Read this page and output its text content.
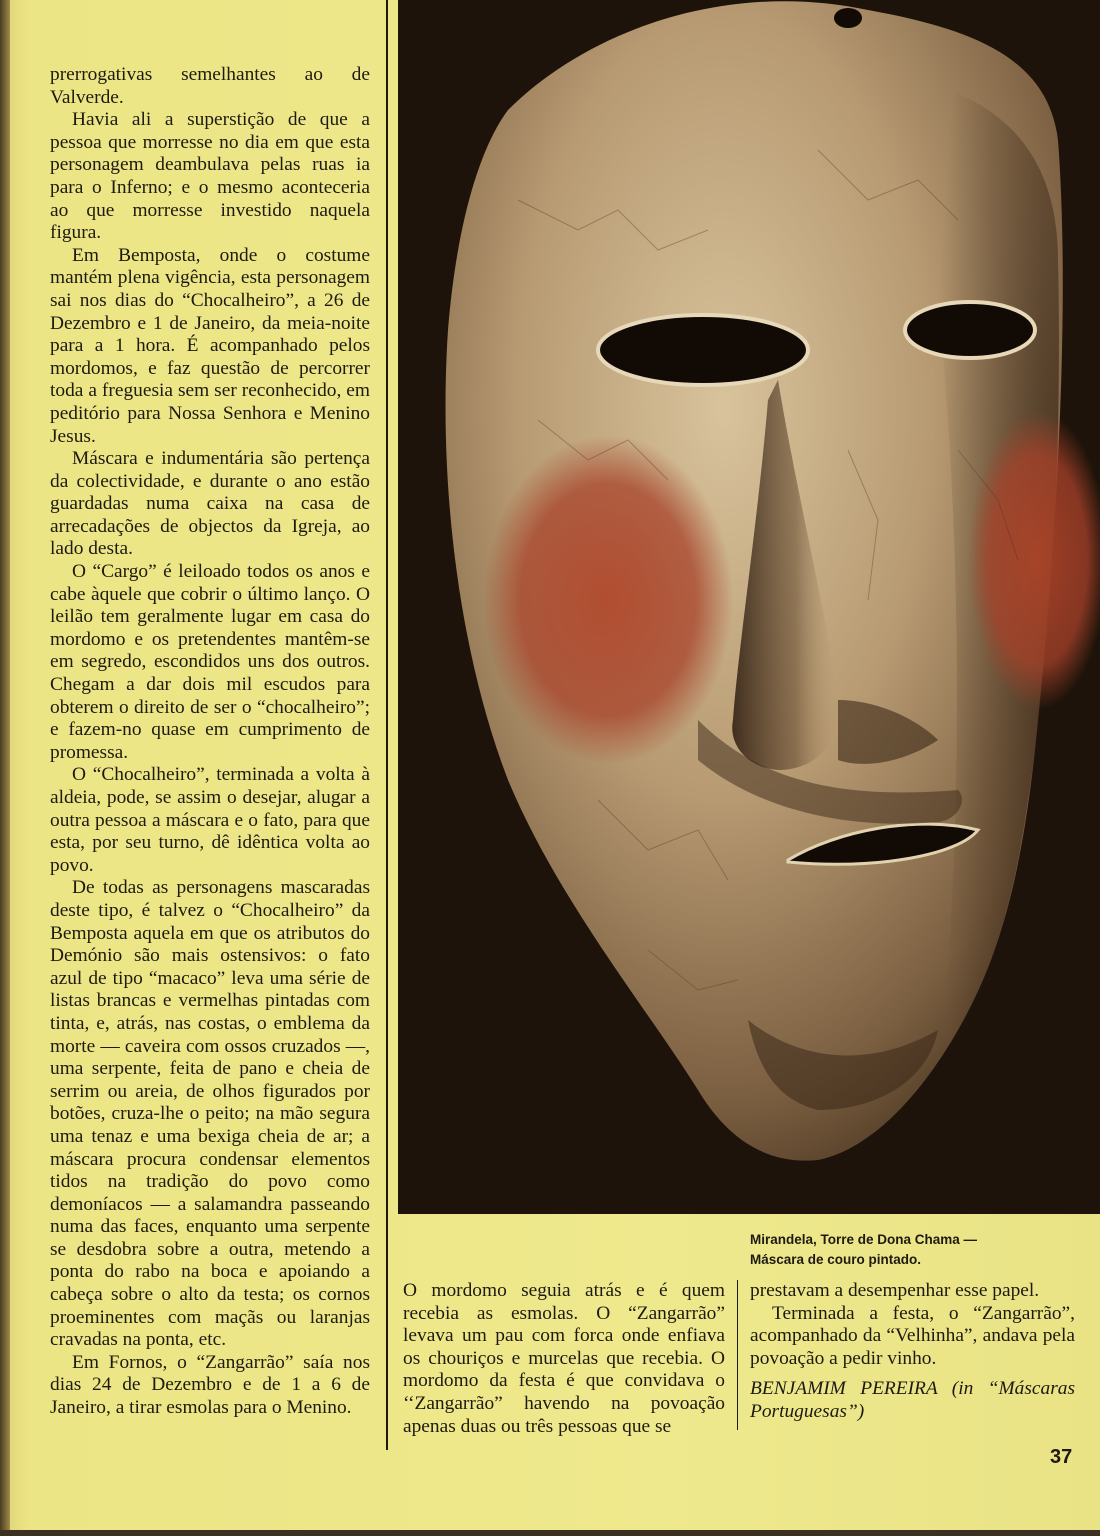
prerrogativas semelhantes ao de Valverde.

Havia ali a superstição de que a pessoa que morresse no dia em que esta personagem deambulava pelas ruas ia para o Inferno; e o mesmo aconteceria ao que morresse investido naquela figura.

Em Bemposta, onde o costume mantém plena vigência, esta personagem sai nos dias do “Chocalheiro”, a 26 de Dezembro e 1 de Janeiro, da meia-noite para a 1 hora. É acompanhado pelos mordomos, e faz questão de percorrer toda a freguesia sem ser reconhecido, em peditório para Nossa Senhora e Menino Jesus.

Máscara e indumentária são pertença da colectividade, e durante o ano estão guardadas numa caixa na casa de arrecadações de objectos da Igreja, ao lado desta.

O “Cargo” é leiloado todos os anos e cabe àquele que cobrir o último lanço. O leilão tem geralmente lugar em casa do mordomo e os pretendentes mantêm-se em segredo, escondidos uns dos outros. Chegam a dar dois mil escudos para obterem o direito de ser o “chocalheiro”; e fazem-no quase em cumprimento de promessa.

O “Chocalheiro”, terminada a volta à aldeia, pode, se assim o desejar, alugar a outra pessoa a máscara e o fato, para que esta, por seu turno, dê idêntica volta ao povo.

De todas as personagens mascaradas deste tipo, é talvez o “Chocalheiro” da Bemposta aquela em que os atributos do Demónio são mais ostensivos: o fato azul de tipo “macaco” leva uma série de listas brancas e vermelhas pintadas com tinta, e, atrás, nas costas, o emblema da morte — caveira com ossos cruzados —, uma serpente, feita de pano e cheia de serrim ou areia, de olhos figurados por botões, cruza-lhe o peito; na mão segura uma tenaz e uma bexiga cheia de ar; a máscara procura condensar elementos tidos na tradição do povo como demoníacos — a salamandra passeando numa das faces, enquanto uma serpente se desdobra sobre a outra, metendo a ponta do rabo na boca e apoiando a cabeça sobre o alto da testa; os cornos proeminentes com maçãs ou laranjas cravadas na ponta, etc.

Em Fornos, o “Zangarrão” saía nos dias 24 de Dezembro e de 1 a 6 de Janeiro, a tirar esmolas para o Menino.

Mirandela, Torre de Dona Chama —
Máscara de couro pintado.

O mordomo seguia atrás e é quem recebia as esmolas. O “Zangarrão” levava um pau com forca onde enfiava os chouriços e murcelas que recebia. O mordomo da festa é que convidava o ‘‘Zangarrão” havendo na povoação apenas duas ou três pessoas que se

prestavam a desempenhar esse papel.

Terminada a festa, o “Zangarrão”, acompanhado da “Velhinha”, andava pela povoação a pedir vinho.

BENJAMIM PEREIRA (in “Máscaras Portuguesas”)

37
